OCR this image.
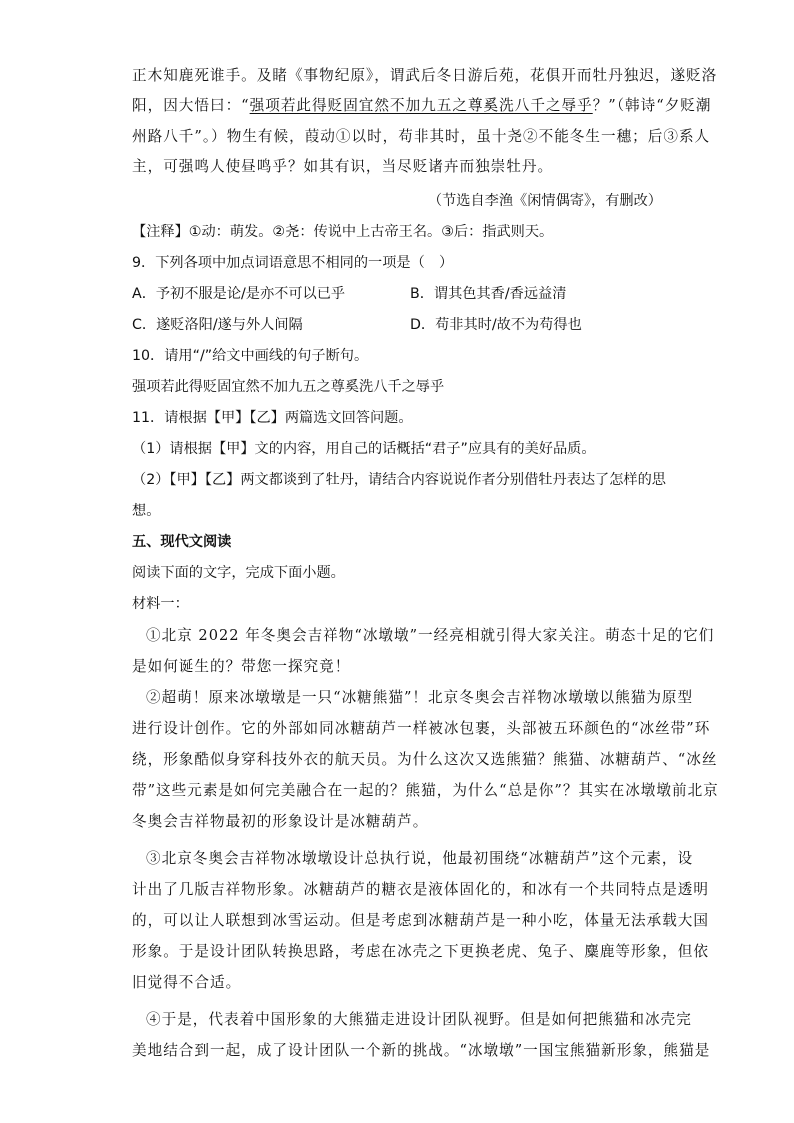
正木知鹿死谁手。及睹《事物纪原》，谓武后冬日游后苑，花俱开而牡丹独迟，遂贬洛
阳，因大悟曰：“强项若此得贬固宜然不加九五之尊奚洗八千之辱乎？”（韩诗“夕贬潮
州路八千”。）物生有候，葭动①以时，苟非其时，虽十尧②不能冬生一穗；后③系人
主，可强鸣人使昼鸣乎？如其有识，当尽贬诸卉而独崇牡丹。
（节选自李渔《闲情偶寄》，有删改）
【注释】①动：萌发。②尧：传说中上古帝王名。③后：指武则天。
9．下列各项中加点词语意思不相同的一项是（　）
A．予初不服是论/是亦不可以已乎	B．谓其色其香/香远益清
C．遂贬洛阳/遂与外人间隔	D．苟非其时/故不为苟得也
10．请用“/”给文中画线的句子断句。
强项若此得贬固宜然不加九五之尊奚洗八千之辱乎
11．请根据【甲】【乙】两篇选文回答问题。
（1）请根据【甲】文的内容，用自己的话概括“君子”应具有的美好品质。
（2）【甲】【乙】两文都谈到了牡丹，请结合内容说说作者分别借牡丹表达了怎样的思
想。
五、现代文阅读
阅读下面的文字，完成下面小题。
材料一：
①北京 2022 年冬奥会吉祥物“冰墩墩”一经亮相就引得大家关注。萌态十足的它们
是如何诞生的？带您一探究竟！
②超萌！原来冰墩墩是一只“冰糖熊猫”！北京冬奥会吉祥物冰墩墩以熊猫为原型
进行设计创作。它的外部如同冰糖葫芦一样被冰包裹，头部被五环颜色的“冰丝带”环
绕，形象酷似身穿科技外衣的航天员。为什么这次又选熊猫？熊猫、冰糖葫芦、“冰丝
带”这些元素是如何完美融合在一起的？熊猫，为什么“总是你”？其实在冰墩墩前北京
冬奥会吉祥物最初的形象设计是冰糖葫芦。
③北京冬奥会吉祥物冰墩墩设计总执行说，他最初围绕“冰糖葫芦”这个元素，设
计出了几版吉祥物形象。冰糖葫芦的糖衣是液体固化的，和冰有一个共同特点是透明
的，可以让人联想到冰雪运动。但是考虑到冰糖葫芦是一种小吃，体量无法承载大国
形象。于是设计团队转换思路，考虑在冰壳之下更换老虎、兔子、麋鹿等形象，但依
旧觉得不合适。
④于是，代表着中国形象的大熊猫走进设计团队视野。但是如何把熊猫和冰壳完
美地结合到一起，成了设计团队一个新的挑战。“冰墩墩”一国宝熊猫新形象，熊猫是
